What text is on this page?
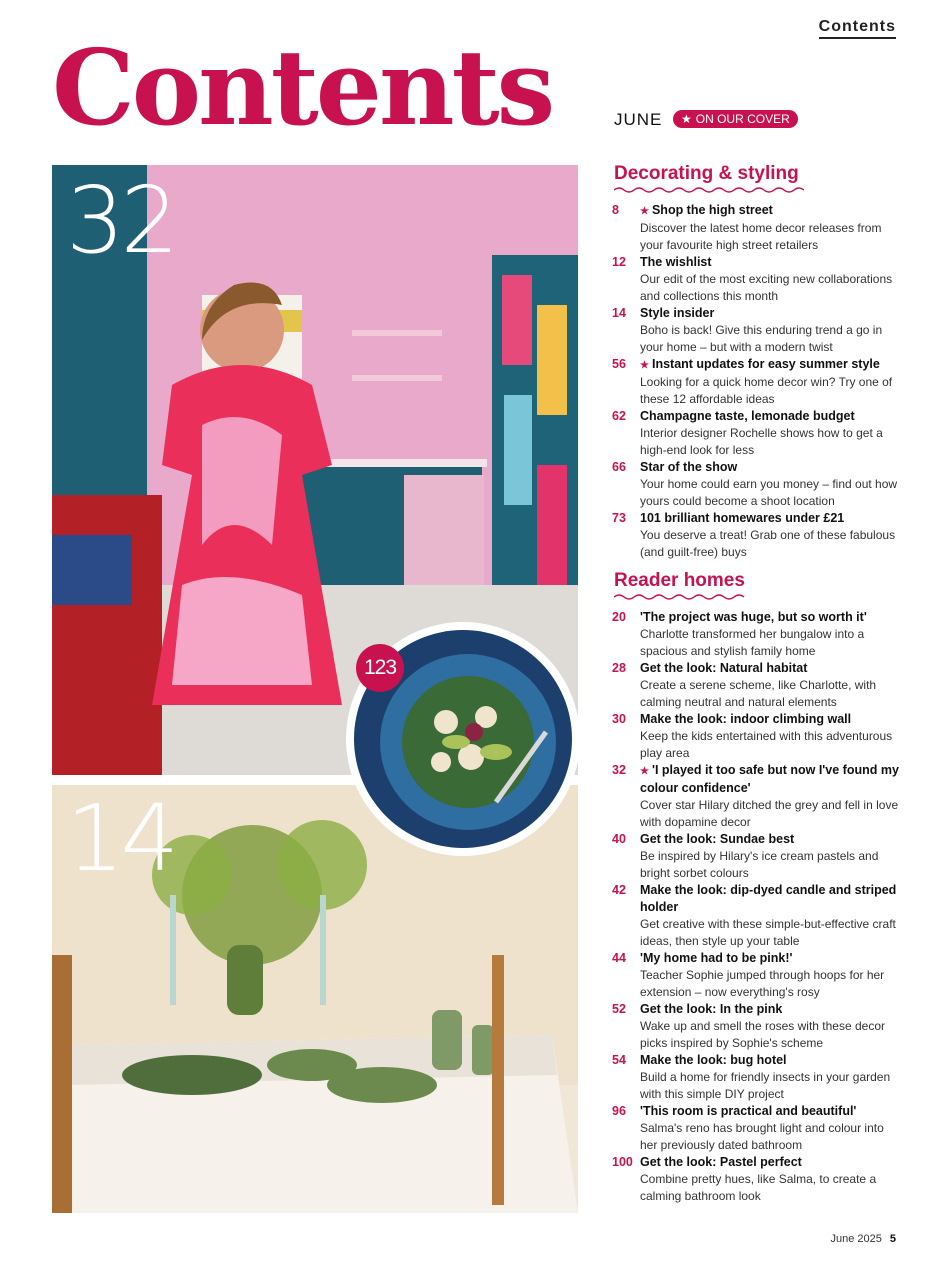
Contents
Contents	JUNE ★ ON OUR COVER
32
14
123
Decorating & styling
8	★ Shop the high street
Discover the latest home decor releases from your favourite high street retailers
12	The wishlist
Our edit of the most exciting new collaborations and collections this month
14	Style insider
Boho is back! Give this enduring trend a go in your home – but with a modern twist
56	★ Instant updates for easy summer style
Looking for a quick home decor win? Try one of these 12 affordable ideas
62	Champagne taste, lemonade budget
Interior designer Rochelle shows how to get a high-end look for less
66	Star of the show
Your home could earn you money – find out how yours could become a shoot location
73	101 brilliant homewares under £21
You deserve a treat! Grab one of these fabulous (and guilt-free) buys
Reader homes
20	'The project was huge, but so worth it'
Charlotte transformed her bungalow into a spacious and stylish family home
28	Get the look: Natural habitat
Create a serene scheme, like Charlotte, with calming neutral and natural elements
30	Make the look: indoor climbing wall
Keep the kids entertained with this adventurous play area
32	★ 'I played it too safe but now I've found my colour confidence'
Cover star Hilary ditched the grey and fell in love with dopamine decor
40	Get the look: Sundae best
Be inspired by Hilary's ice cream pastels and bright sorbet colours
42	Make the look: dip-dyed candle and striped holder
Get creative with these simple-but-effective craft ideas, then style up your table
44	'My home had to be pink!'
Teacher Sophie jumped through hoops for her extension – now everything's rosy
52	Get the look: In the pink
Wake up and smell the roses with these decor picks inspired by Sophie's scheme
54	Make the look: bug hotel
Build a home for friendly insects in your garden with this simple DIY project
96	'This room is practical and beautiful'
Salma's reno has brought light and colour into her previously dated bathroom
100 Get the look: Pastel perfect
Combine pretty hues, like Salma, to create a calming bathroom look
June 2025 5
